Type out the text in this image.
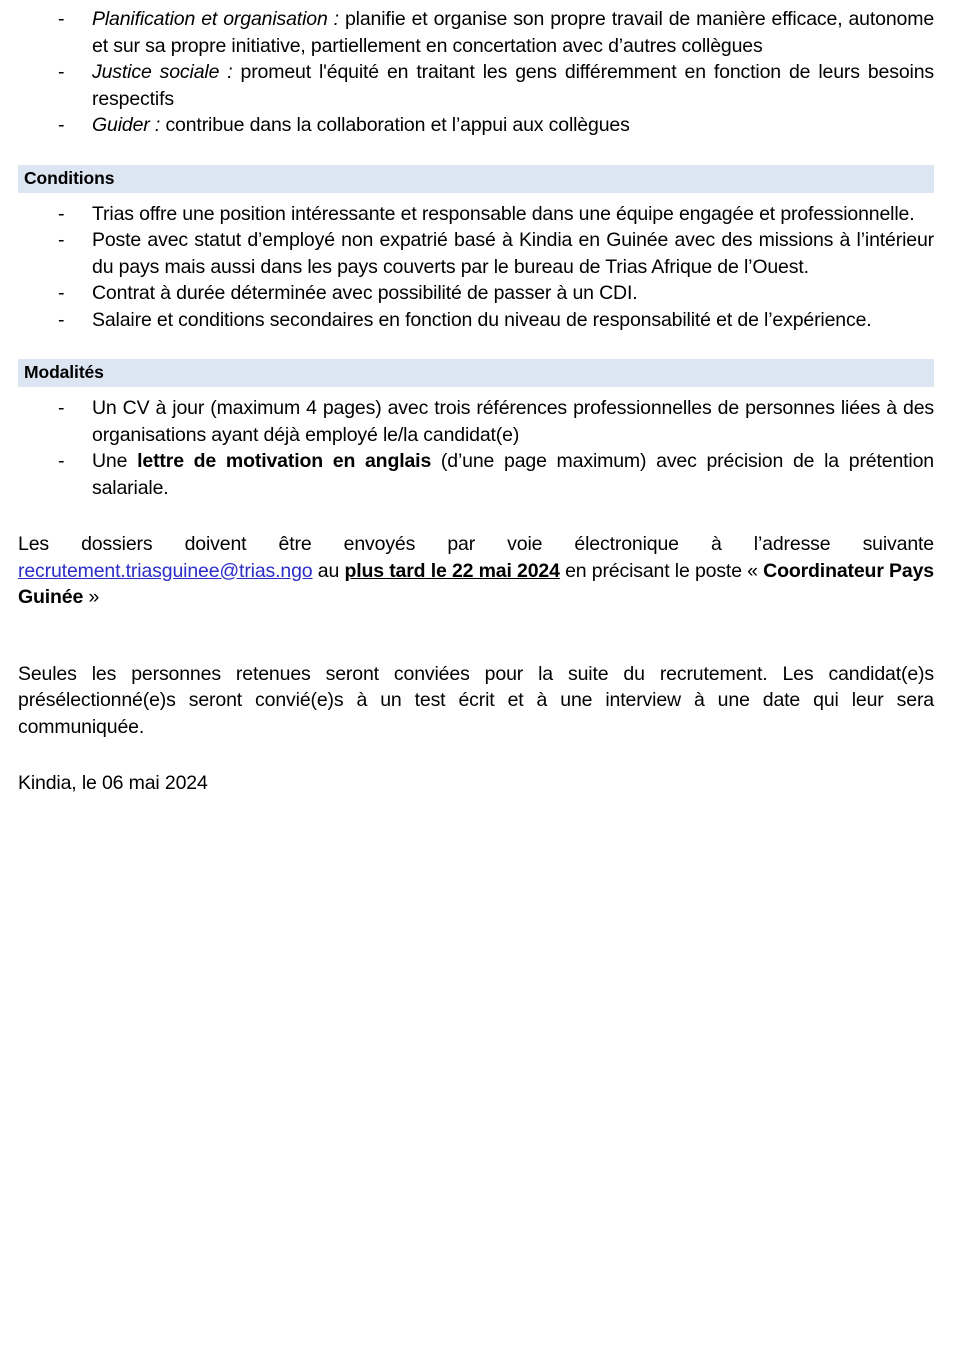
- Planification et organisation : planifie et organise son propre travail de manière efficace, autonome et sur sa propre initiative, partiellement en concertation avec d’autres collègues
- Justice sociale : promeut l'équité en traitant les gens différemment en fonction de leurs besoins respectifs
- Guider : contribue dans la collaboration et l’appui aux collègues
Conditions
- Trias offre une position intéressante et responsable dans une équipe engagée et professionnelle.
- Poste avec statut d’employé non expatrié basé à Kindia en Guinée avec des missions à l’intérieur du pays mais aussi dans les pays couverts par le bureau de Trias Afrique de l’Ouest.
- Contrat à durée déterminée avec possibilité de passer à un CDI.
- Salaire et conditions secondaires en fonction du niveau de responsabilité et de l’expérience.
Modalités
- Un CV à jour (maximum 4 pages) avec trois références professionnelles de personnes liées à des organisations ayant déjà employé le/la candidat(e)
- Une lettre de motivation en anglais (d’une page maximum) avec précision de la prétention salariale.

Les dossiers doivent être envoyés par voie électronique à l’adresse suivante recrutement.triasguinee@trias.ngo au plus tard le 22 mai 2024 en précisant le poste « Coordinateur Pays Guinée »

Seules les personnes retenues seront conviées pour la suite du recrutement. Les candidat(e)s présélectionné(e)s seront convié(e)s à un test écrit et à une interview à une date qui leur sera communiquée.

Kindia, le 06 mai 2024
